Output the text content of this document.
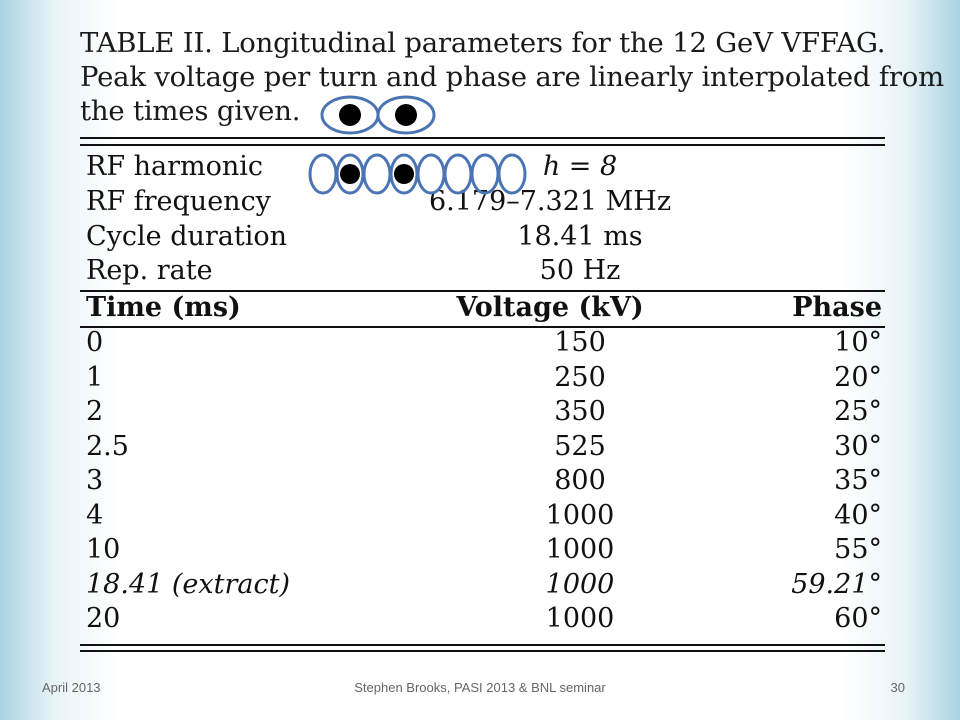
TABLE II. Longitudinal parameters for the 12 GeV VFFAG.
Peak voltage per turn and phase are linearly interpolated from
the times given.
RF harmonic	h = 8
RF frequency	6.179–7.321 MHz
Cycle duration	18.41 ms
Rep. rate	50 Hz
Time (ms)	Voltage (kV)	Phase
0	150	10°
1	250	20°
2	350	25°
2.5	525	30°
3	800	35°
4	1000	40°
10	1000	55°
18.41 (extract)	1000	59.21°
20	1000	60°
April 2013	Stephen Brooks, PASI 2013 & BNL seminar	30
